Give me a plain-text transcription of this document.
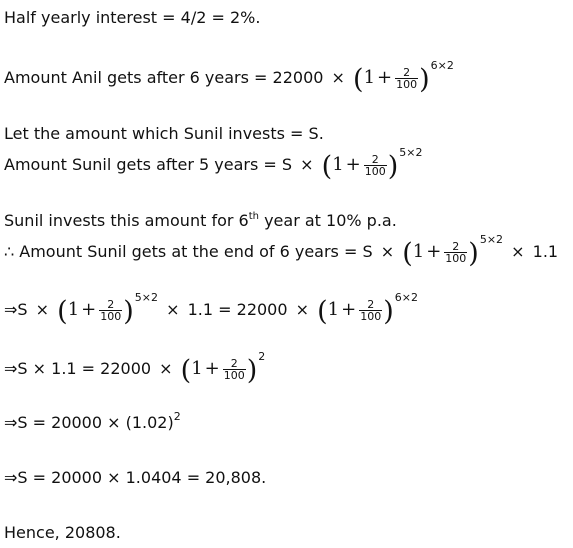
Half yearly interest = 4/2 = 2%.
Amount Anil gets after 6 years = $22000 \times (1 + \frac{2}{100} )^{6\times 2}$
Let the amount which Sunil invests = S.
Amount Sunil gets after 5 years = $S \times (1 + \frac{2}{100} )^{5\times 2}$
Sunil invests this amount for 6th year at 10% p.a.
∴ Amount Sunil gets at the end of 6 years = $S \times (1 + \frac{2}{100} )^{5\times 2} \times 1.1$
⇒S × $(1 + \frac{2}{100} )^{5\times 2} \times 1.1 = 22000 \times (1 + \frac{2}{100} )^{6\times 2}$
⇒S × $1.1 = 22000 \times (1 + \frac{2}{100} )^2$
⇒S = $20000 \times (1.02)^2$
⇒S = 20000 × 1.0404 = 20,808.
Hence, 20808.
